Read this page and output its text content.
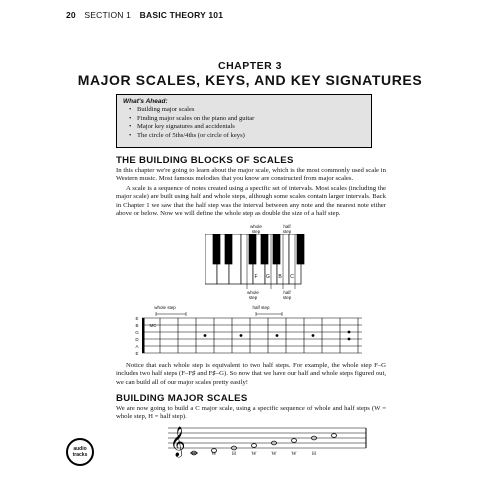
20 SECTION 1 BASIC THEORY 101
CHAPTER 3
MAJOR SCALES, KEYS, AND KEY SIGNATURES
What's Ahead:
• Building major scales
• Finding major scales on the piano and guitar
• Major key signatures and accidentals
• The circle of 5ths/4ths (or circle of keys)
THE BUILDING BLOCKS OF SCALES

In this chapter we're going to learn about the major scale, which is the most commonly used scale in Western music. Most famous melodies that you know are constructed from major scales.

A scale is a sequence of notes created using a specific set of intervals. Most scales (including the major scale) are built using half and whole steps, although some scales contain larger intervals. Back in Chapter 1 we saw that the half step was the interval between any note and the nearest note either above or below. Now we will define the whole step as double the size of a half step.

whole step
half step
F	G	B	C
whole step
half step
whole step	half step
E
B
G
D
A
E
MC

Notice that each whole step is equivalent to two half steps. For example, the whole step F–G includes two half steps (F–F♯ and F♯–G). So now that we have our half and whole steps figured out, we can build all of our major scales pretty easily!

BUILDING MAJOR SCALES

We are now going to build a C major scale, using a specific sequence of whole and half steps (W = whole step, H = half step).

audio
tracks	𝄞	W	W	H	W	W	W	H
